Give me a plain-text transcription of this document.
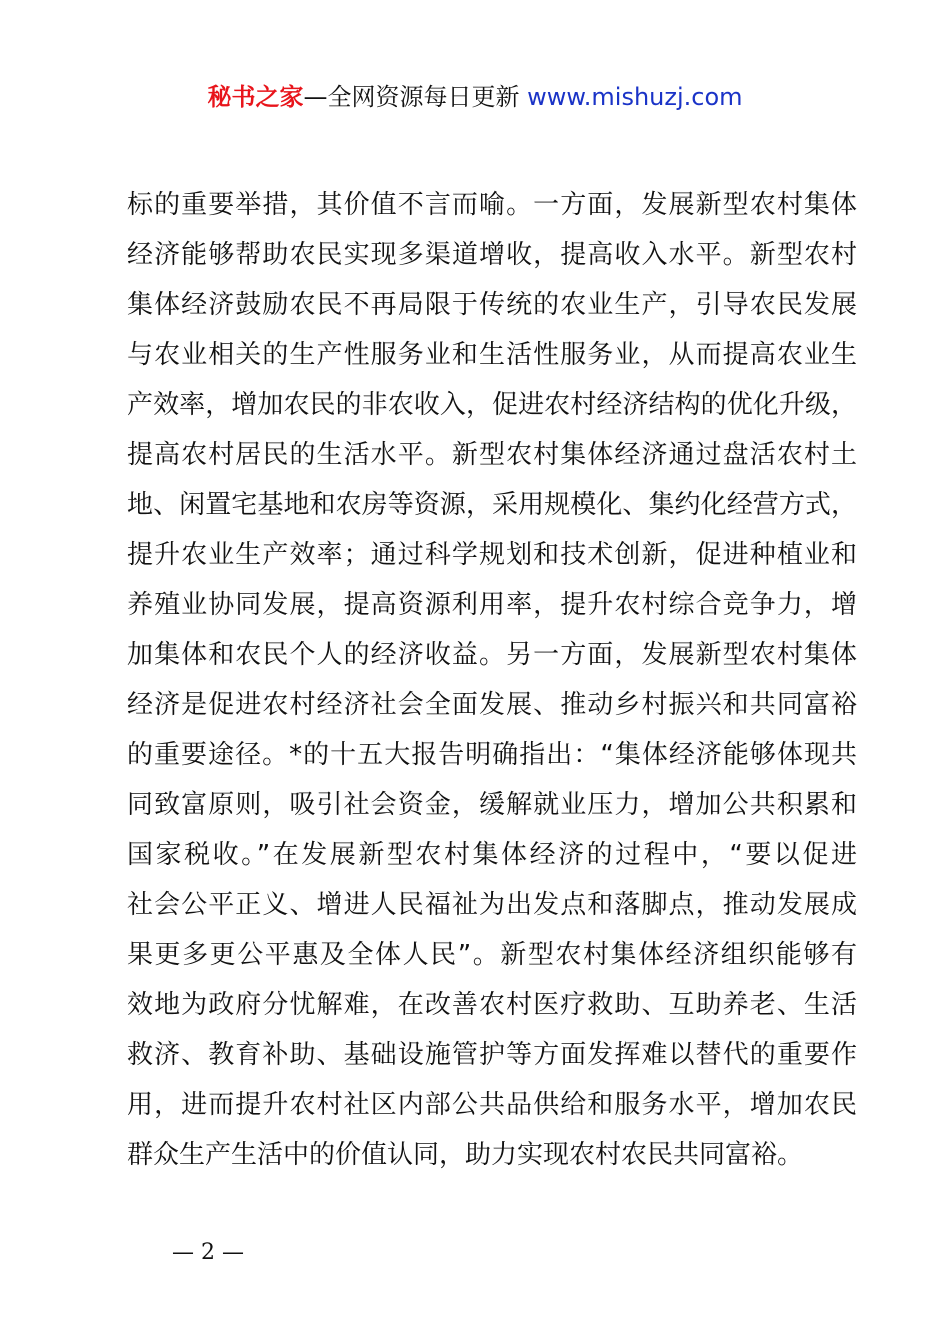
秘书之家—全网资源每日更新 www.mishuzj.com
标的重要举措，其价值不言而喻。一方面，发展新型农村集体
经济能够帮助农民实现多渠道增收，提高收入水平。新型农村
集体经济鼓励农民不再局限于传统的农业生产，引导农民发展
与农业相关的生产性服务业和生活性服务业，从而提高农业生
产效率，增加农民的非农收入，促进农村经济结构的优化升级，
提高农村居民的生活水平。新型农村集体经济通过盘活农村土
地、闲置宅基地和农房等资源，采用规模化、集约化经营方式，
提升农业生产效率；通过科学规划和技术创新，促进种植业和
养殖业协同发展，提高资源利用率，提升农村综合竞争力，增
加集体和农民个人的经济收益。另一方面，发展新型农村集体
经济是促进农村经济社会全面发展、推动乡村振兴和共同富裕
的重要途径。*的十五大报告明确指出：“集体经济能够体现共
同致富原则，吸引社会资金，缓解就业压力，增加公共积累和
国家税收。”在发展新型农村集体经济的过程中，“要以促进
社会公平正义、增进人民福祉为出发点和落脚点，推动发展成
果更多更公平惠及全体人民”。新型农村集体经济组织能够有
效地为政府分忧解难，在改善农村医疗救助、互助养老、生活
救济、教育补助、基础设施管护等方面发挥难以替代的重要作
用，进而提升农村社区内部公共品供给和服务水平，增加农民
群众生产生活中的价值认同，助力实现农村农民共同富裕。
— 2 —
